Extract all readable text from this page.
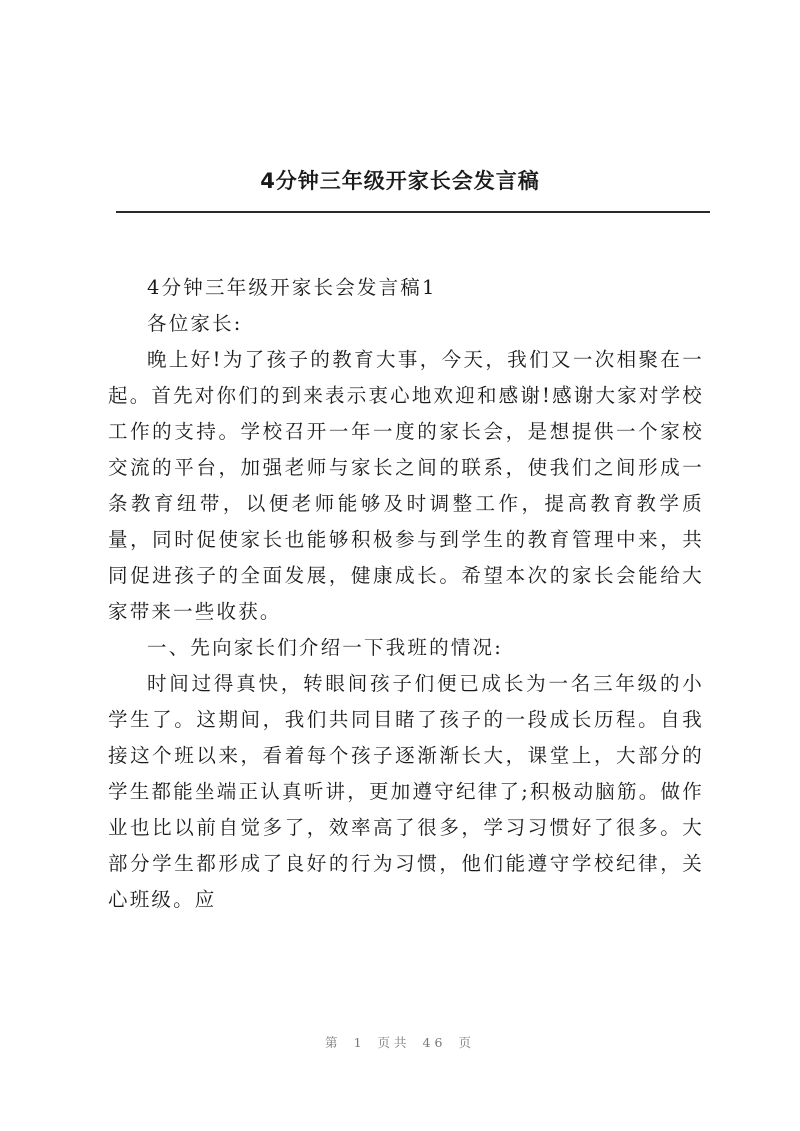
4分钟三年级开家长会发言稿

4分钟三年级开家长会发言稿1

各位家长:

晚上好!为了孩子的教育大事，今天，我们又一次相聚在一起。首先对你们的到来表示衷心地欢迎和感谢!感谢大家对学校工作的支持。学校召开一年一度的家长会，是想提供一个家校交流的平台，加强老师与家长之间的联系，使我们之间形成一条教育纽带，以便老师能够及时调整工作，提高教育教学质量，同时促使家长也能够积极参与到学生的教育管理中来，共同促进孩子的全面发展，健康成长。希望本次的家长会能给大家带来一些收获。

一、先向家长们介绍一下我班的情况:

时间过得真快，转眼间孩子们便已成长为一名三年级的小学生了。这期间，我们共同目睹了孩子的一段成长历程。自我接这个班以来，看着每个孩子逐渐渐长大，课堂上，大部分的学生都能坐端正认真听讲，更加遵守纪律了;积极动脑筋。做作业也比以前自觉多了，效率高了很多，学习习惯好了很多。大部分学生都形成了良好的行为习惯，他们能遵守学校纪律，关心班级。应

第 1 页共 46 页
